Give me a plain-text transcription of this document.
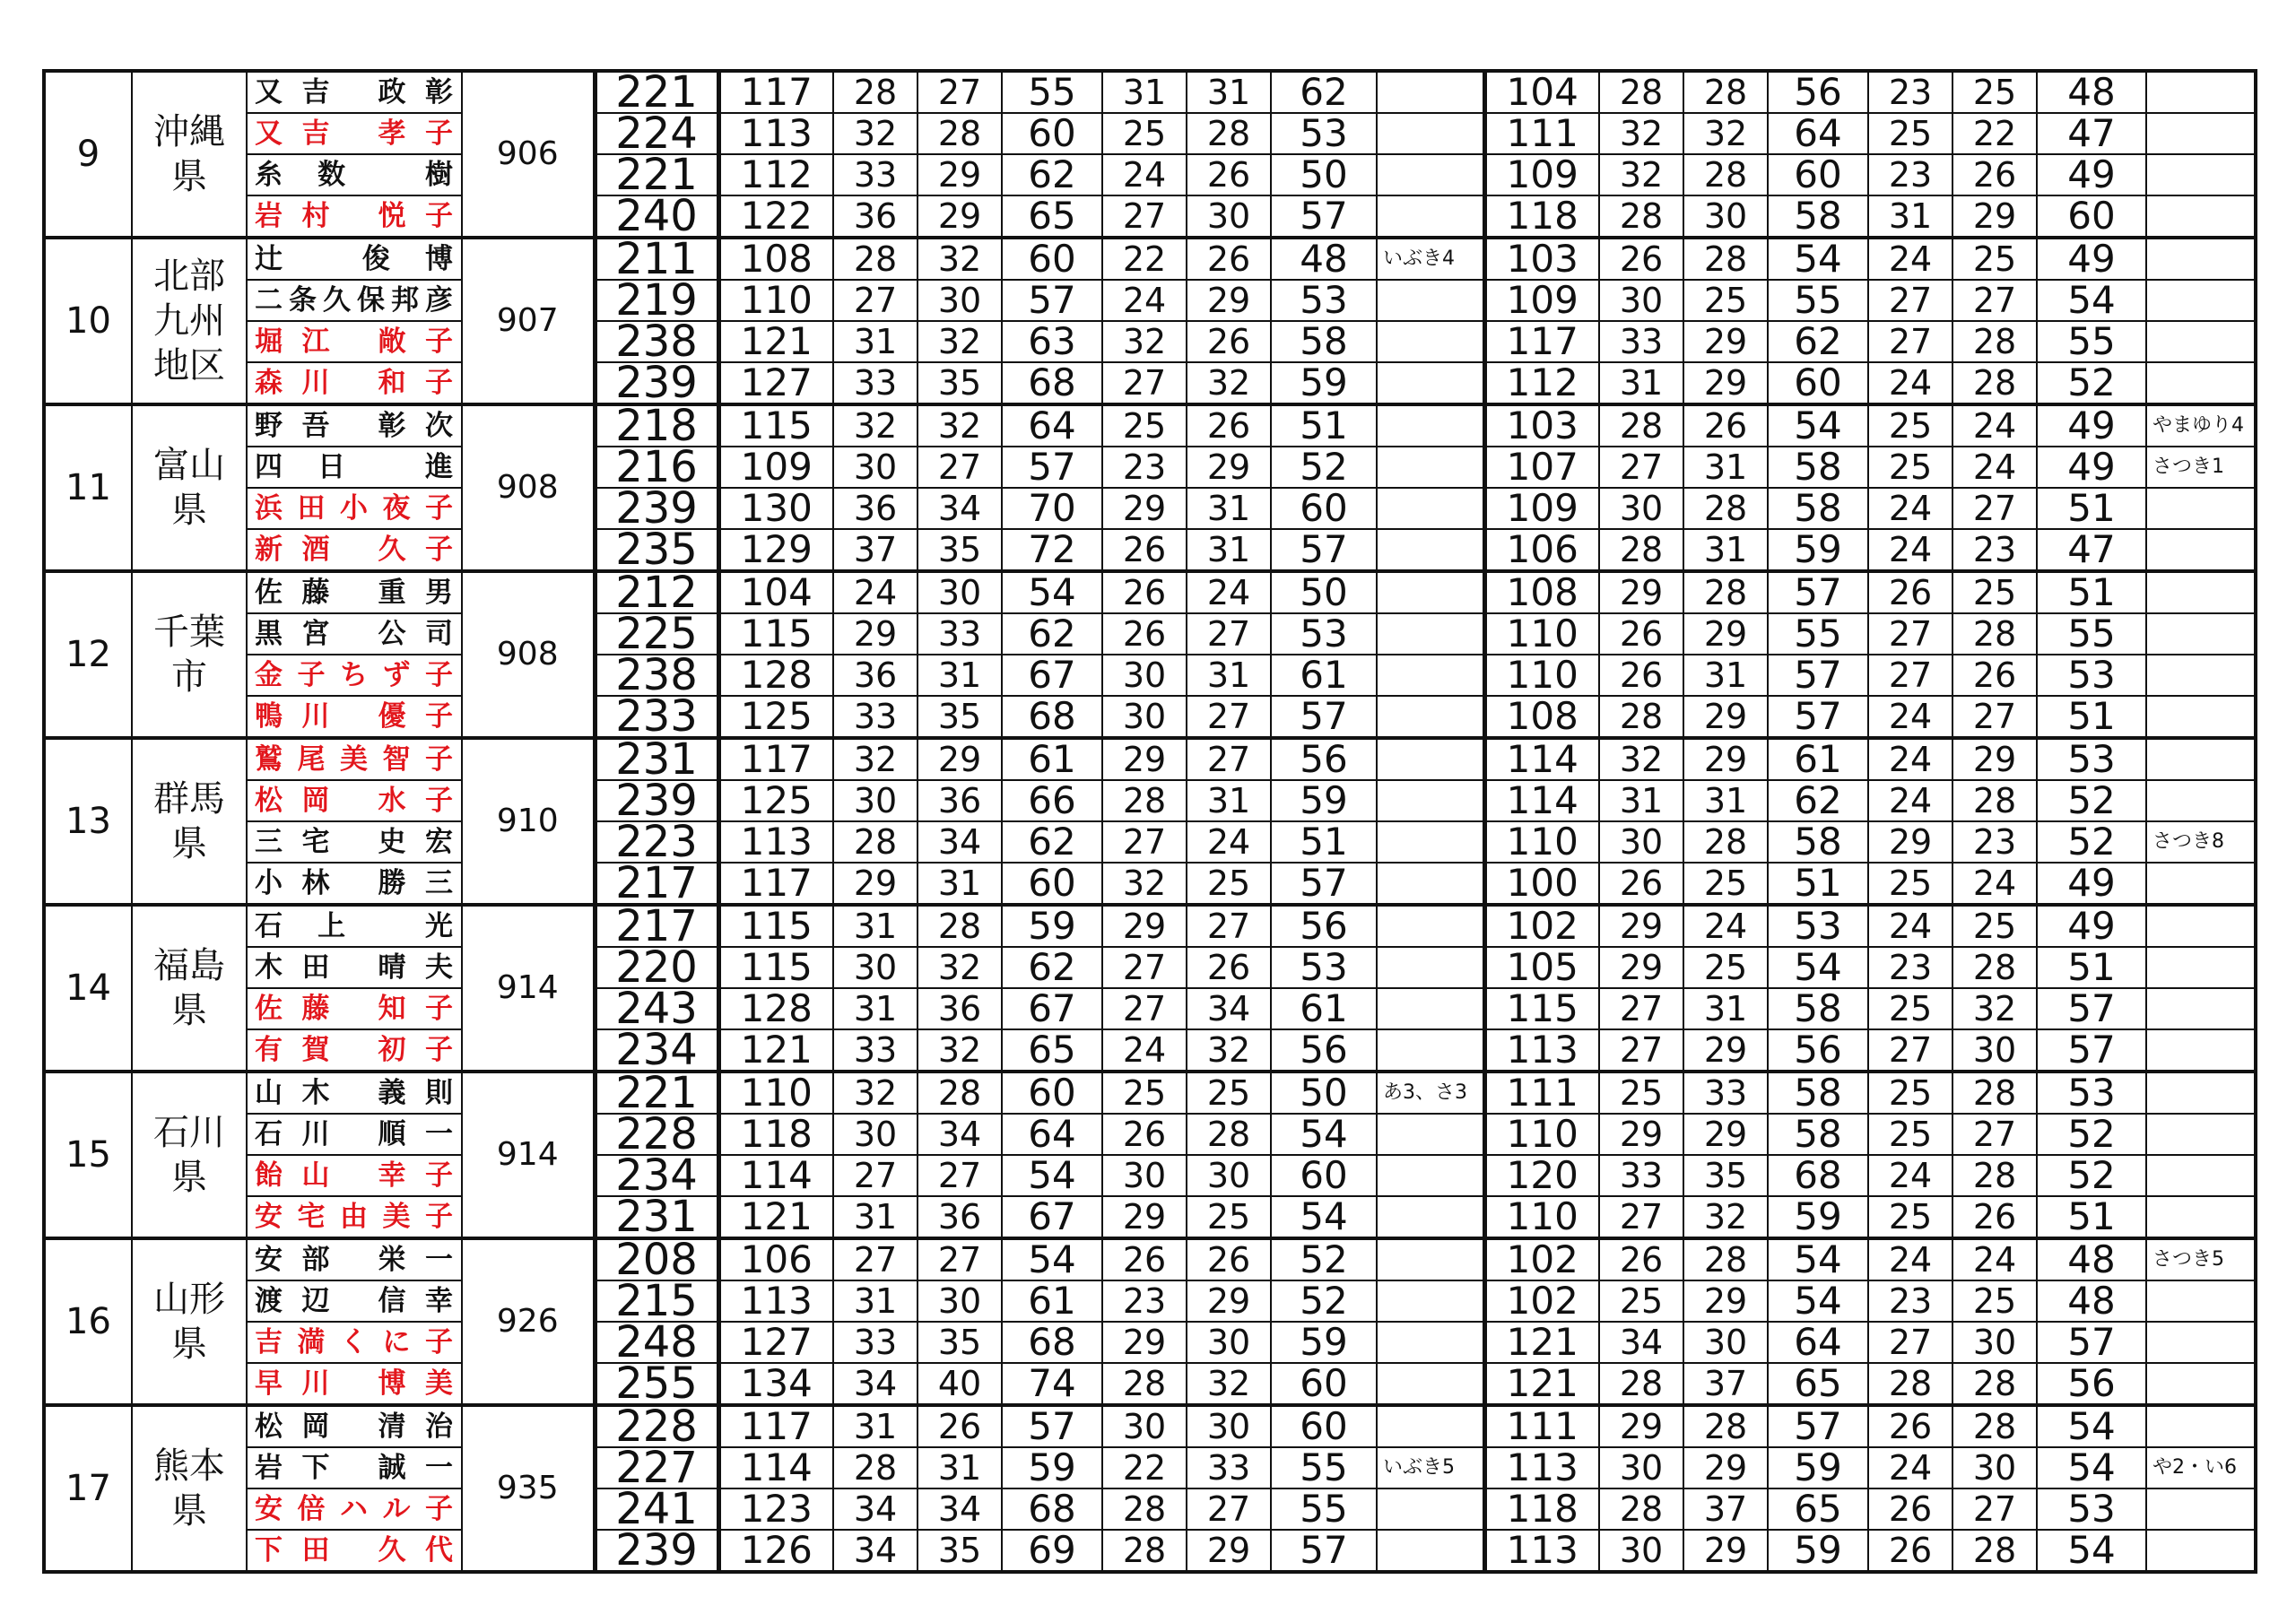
9	沖縄県	又吉 政彰	906	221	117	28	27	55	31	31	62		104	28	28	56	23	25	48	
		又吉 孝子		224	113	32	28	60	25	28	53		111	32	32	64	25	22	47	
		糸数 樹		221	112	33	29	62	24	26	50		109	32	28	60	23	26	49	
		岩村 悦子		240	122	36	29	65	27	30	57		118	28	30	58	31	29	60	
10	北部九州地区	辻 俊博	907	211	108	28	32	60	22	26	48	いぶき4	103	26	28	54	24	25	49	
		二条久保邦彦		219	110	27	30	57	24	29	53		109	30	25	55	27	27	54	
		堀江 敞子		238	121	31	32	63	32	26	58		117	33	29	62	27	28	55	
		森川 和子		239	127	33	35	68	27	32	59		112	31	29	60	24	28	52	
11	富山県	野吾 彰次	908	218	115	32	32	64	25	26	51		103	28	26	54	25	24	49	やまゆり4
		四日 進		216	109	30	27	57	23	29	52		107	27	31	58	25	24	49	さつき1
		浜田小夜子		239	130	36	34	70	29	31	60		109	30	28	58	24	27	51	
		新酒 久子		235	129	37	35	72	26	31	57		106	28	31	59	24	23	47	
12	千葉市	佐藤 重男	908	212	104	24	30	54	26	24	50		108	29	28	57	26	25	51	
		黒宮 公司		225	115	29	33	62	26	27	53		110	26	29	55	27	28	55	
		金子ちず子		238	128	36	31	67	30	31	61		110	26	31	57	27	26	53	
		鴨川 優子		233	125	33	35	68	30	27	57		108	28	29	57	24	27	51	
13	群馬県	鷲尾美智子	910	231	117	32	29	61	29	27	56		114	32	29	61	24	29	53	
		松岡 水子		239	125	30	36	66	28	31	59		114	31	31	62	24	28	52	
		三宅 史宏		223	113	28	34	62	27	24	51		110	30	28	58	29	23	52	さつき8
		小林 勝三		217	117	29	31	60	32	25	57		100	26	25	51	25	24	49	
14	福島県	石上 光	914	217	115	31	28	59	29	27	56		102	29	24	53	24	25	49	
		木田 晴夫		220	115	30	32	62	27	26	53		105	29	25	54	23	28	51	
		佐藤 知子		243	128	31	36	67	27	34	61		115	27	31	58	25	32	57	
		有賀 初子		234	121	33	32	65	24	32	56		113	27	29	56	27	30	57	
15	石川県	山木 義則	914	221	110	32	28	60	25	25	50	あ3、さ3	111	25	33	58	25	28	53	
		石川 順一		228	118	30	34	64	26	28	54		110	29	29	58	25	27	52	
		飴山 幸子		234	114	27	27	54	30	30	60		120	33	35	68	24	28	52	
		安宅由美子		231	121	31	36	67	29	25	54		110	27	32	59	25	26	51	
16	山形県	安部 栄一	926	208	106	27	27	54	26	26	52		102	26	28	54	24	24	48	さつき5
		渡辺 信幸		215	113	31	30	61	23	29	52		102	25	29	54	23	25	48	
		吉満くに子		248	127	33	35	68	29	30	59		121	34	30	64	27	30	57	
		早川 博美		255	134	34	40	74	28	32	60		121	28	37	65	28	28	56	
17	熊本県	松岡 清治	935	228	117	31	26	57	30	30	60		111	29	28	57	26	28	54	
		岩下 誠一		227	114	28	31	59	22	33	55	いぶき5	113	30	29	59	24	30	54	や2・い6
		安倍ハル子		241	123	34	34	68	28	27	55		118	28	37	65	26	27	53	
		下田 久代		239	126	34	35	69	28	29	57		113	30	29	59	26	28	54	
